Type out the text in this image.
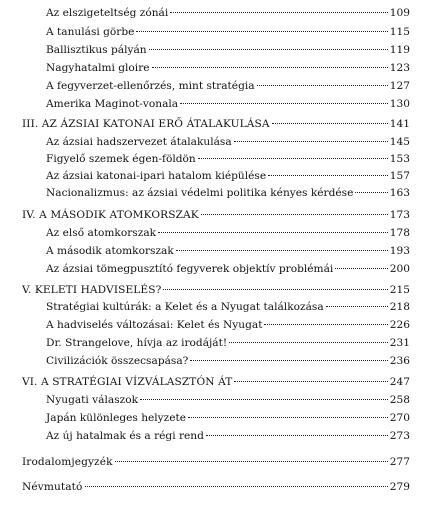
Az elszigeteltség zónái	109
A tanulási görbe	115
Ballisztikus pályán	119
Nagyhatalmi gloire	123
A fegyverzet-ellenőrzés, mint stratégia	127
Amerika Maginot-vonala	130
III. AZ ÁZSIAI KATONAI ERŐ ÁTALAKULÁSA	141
Az ázsiai hadszervezet átalakulása	145
Figyelő szemek égen-földön	153
Az ázsiai katonai-ipari hatalom kiépülése	157
Nacionalizmus: az ázsiai védelmi politika kényes kérdése	163
IV. A MÁSODIK ATOMKORSZAK	173
Az első atomkorszak	178
A második atomkorszak	193
Az ázsiai tömegpusztító fegyverek objektív problémái	200
V. KELETI HADVISELÉS?	215
Stratégiai kultúrák: a Kelet és a Nyugat találkozása	218
A hadviselés változásai: Kelet és Nyugat	226
Dr. Strangelove, hívja az irodáját!	231
Civilizációk összecsapása?	236
VI. A STRATÉGIAI VÍZVÁLASZTÓN ÁT	247
Nyugati válaszok	258
Japán különleges helyzete	270
Az új hatalmak és a régi rend	273
Irodalomjegyzék	277
Névmutató	279
